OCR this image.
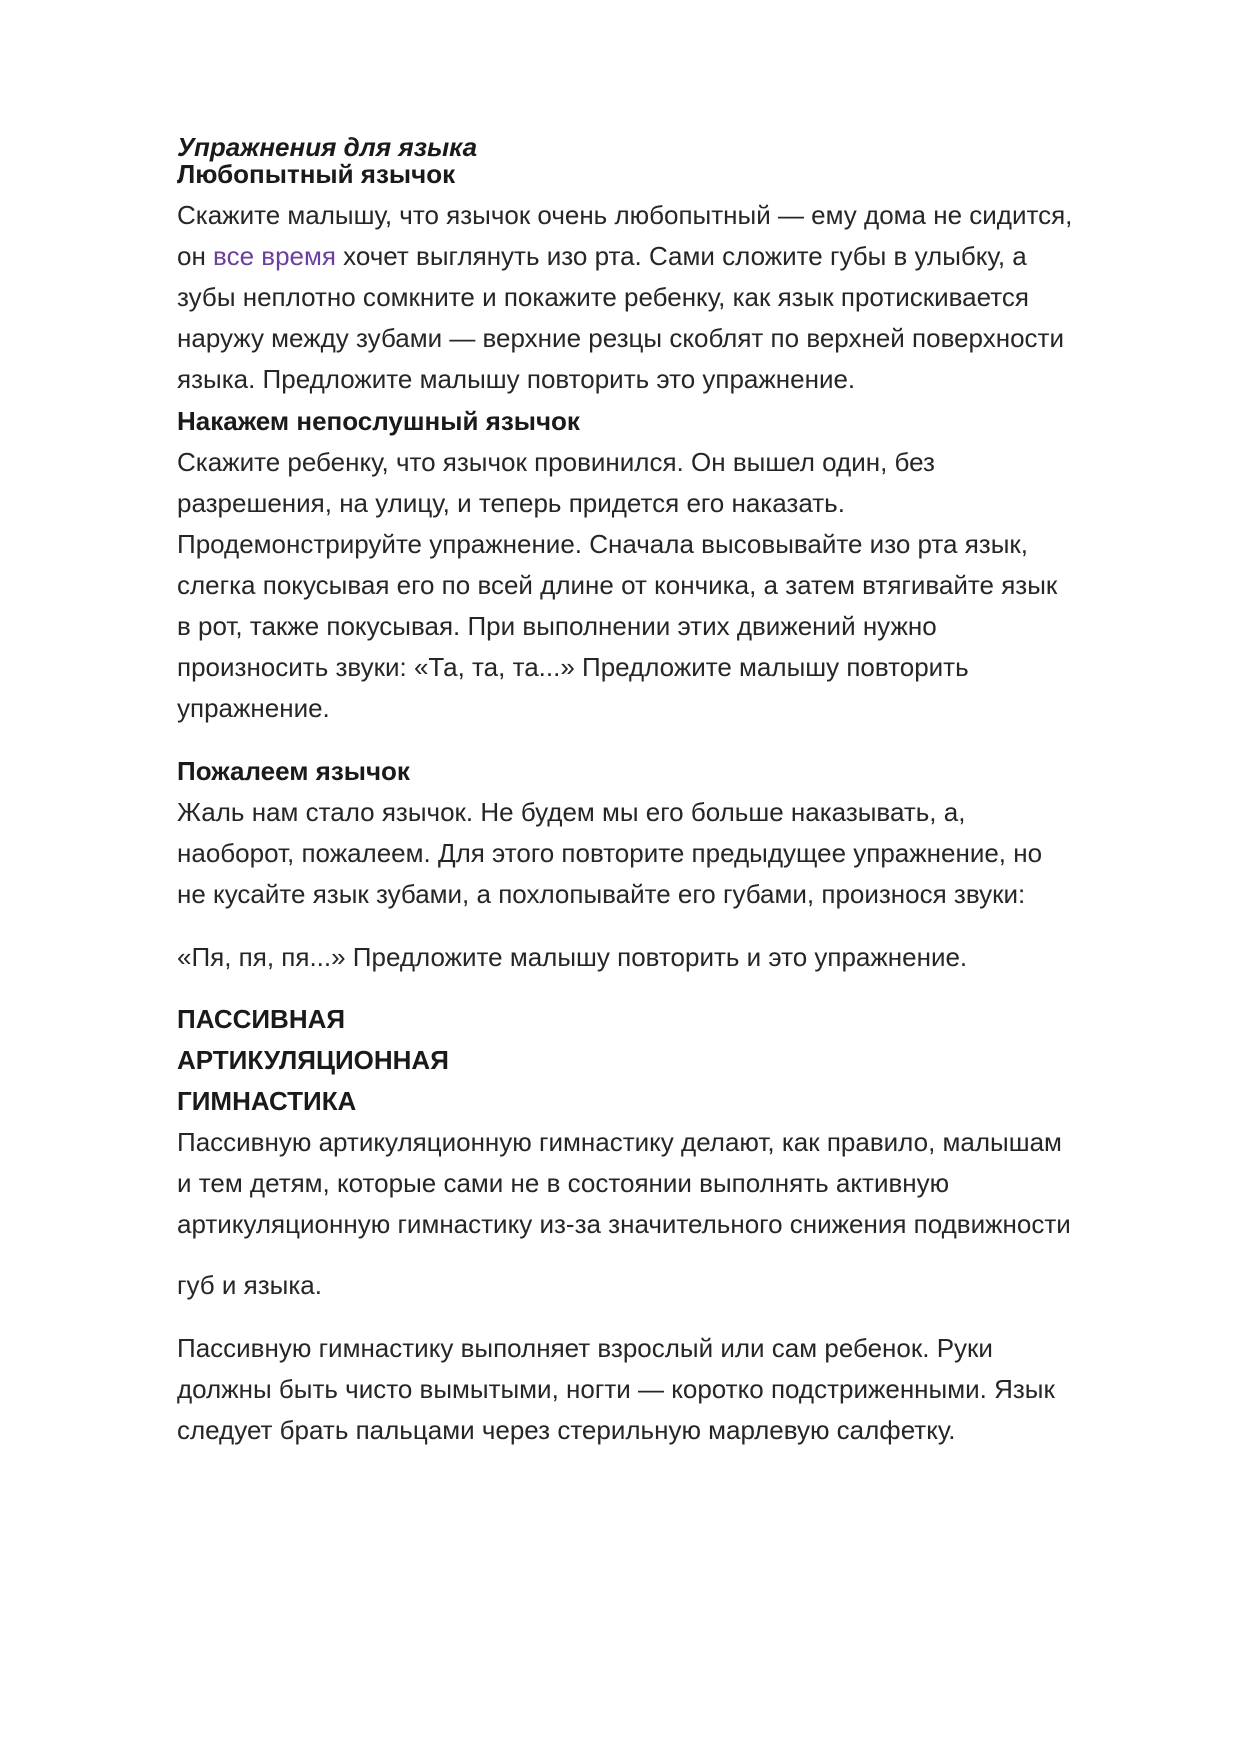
Упражнения для языка

Любопытный язычок

Скажите малышу, что язычок очень любопытный — ему дома не сидится,

он все время хочет выглянуть изо рта. Сами сложите губы в улыбку, а

зубы неплотно сомкните и покажите ребенку, как язык протискивается

наружу между зубами — верхние резцы скоблят по верхней поверхности

языка. Предложите малышу повторить это упражнение.

Накажем непослушный язычок

Скажите ребенку, что язычок провинился. Он вышел один, без

разрешения, на улицу, и теперь придется его наказать.

Продемонстрируйте упражнение. Сначала высовывайте изо рта язык,

слегка покусывая его по всей длине от кончика, а затем втягивайте язык

в рот, также покусывая. При выполнении этих движений нужно

произносить звуки: «Та, та, та...» Предложите малышу повторить

упражнение.

Пожалеем язычок

Жаль нам стало язычок. Не будем мы его больше наказывать, а,

наоборот, пожалеем. Для этого повторите предыдущее упражнение, но

не кусайте язык зубами, а похлопывайте его губами, произнося звуки:

«Пя, пя, пя...» Предложите малышу повторить и это упражнение.

ПАССИВНАЯ

АРТИКУЛЯЦИОННАЯ

ГИМНАСТИКА

Пассивную артикуляционную гимнастику делают, как правило, малышам

и тем детям, которые сами не в состоянии выполнять активную

артикуляционную гимнастику из-за значительного снижения подвижности

губ и языка.

Пассивную гимнастику выполняет взрослый или сам ребенок. Руки

должны быть чисто вымытыми, ногти — коротко подстриженными. Язык

следует брать пальцами через стерильную марлевую салфетку.
